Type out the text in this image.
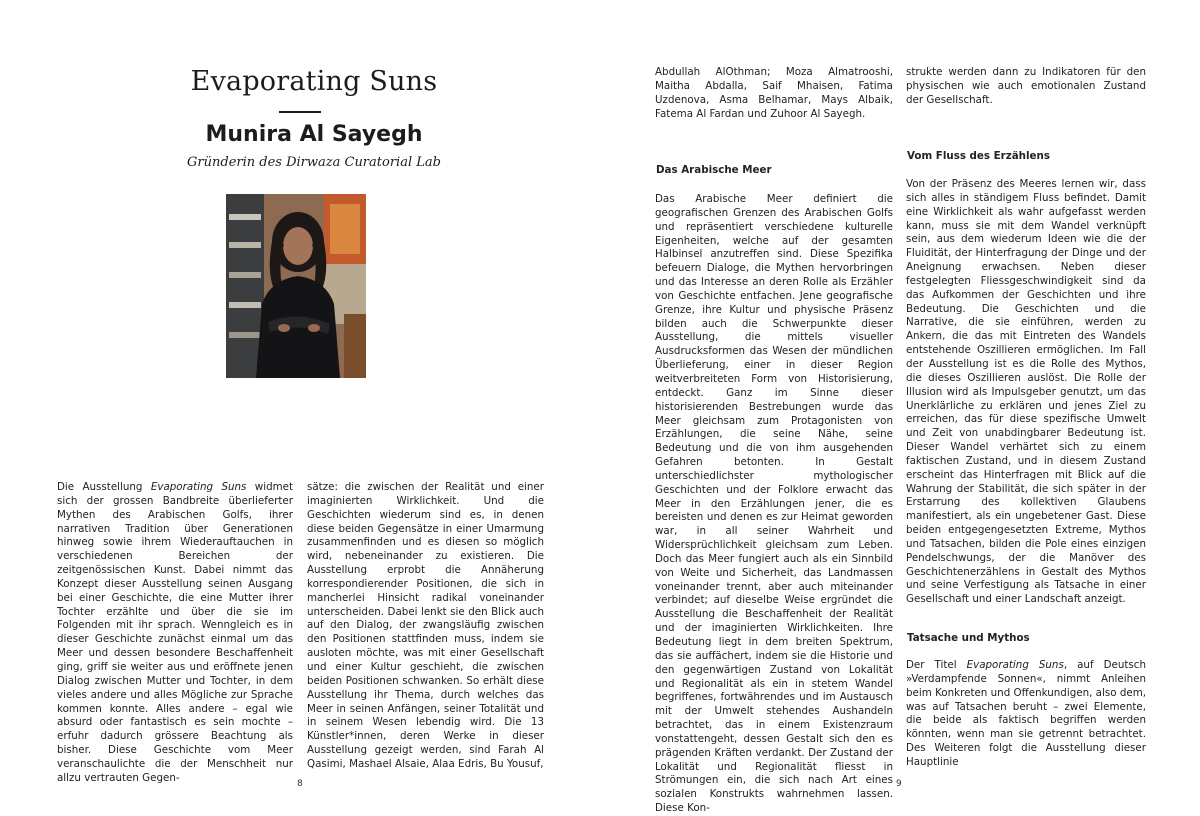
Evaporating Suns
Munira Al Sayegh

Gründerin des Dirwaza Curatorial Lab

Die Ausstellung Evaporating Suns widmet sich der grossen Bandbreite überlieferter Mythen des Arabischen Golfs, ihrer narrativen Tradition über Generationen hinweg sowie ihrem Wiederauftauchen in verschiedenen Bereichen der zeitgenössischen Kunst. Dabei nimmt das Konzept dieser Ausstellung seinen Ausgang bei einer Geschichte, die eine Mutter ihrer Tochter erzählte und über die sie im Folgenden mit ihr sprach. Wenngleich es in dieser Geschichte zunächst einmal um das Meer und dessen besondere Beschaffenheit ging, griff sie weiter aus und eröffnete jenen Dialog zwischen Mutter und Tochter, in dem vieles andere und alles Mögliche zur Sprache kommen konnte. Alles andere – egal wie absurd oder fantastisch es sein mochte – erfuhr dadurch grössere Beachtung als bisher. Diese Geschichte vom Meer veranschaulichte die der Menschheit nur allzu vertrauten Gegen-

sätze: die zwischen der Realität und einer imaginierten Wirklichkeit. Und die Geschichten wiederum sind es, in denen diese beiden Gegensätze in einer Umarmung zusammenfinden und es diesen so möglich wird, nebeneinander zu existieren. Die Ausstellung erprobt die Annäherung korrespondierender Positionen, die sich in mancherlei Hinsicht radikal voneinander unterscheiden. Dabei lenkt sie den Blick auch auf den Dialog, der zwangsläufig zwischen den Positionen stattfinden muss, indem sie ausloten möchte, was mit einer Gesellschaft und einer Kultur geschieht, die zwischen beiden Positionen schwanken. So erhält diese Ausstellung ihr Thema, durch welches das Meer in seinen Anfängen, seiner Totalität und in seinem Wesen lebendig wird. Die 13 Künstler*innen, deren Werke in dieser Ausstellung gezeigt werden, sind Farah Al Qasimi, Mashael Alsaie, Alaa Edris, Bu Yousuf,

8

Abdullah AlOthman; Moza Almatrooshi, Maitha Abdalla, Saif Mhaisen, Fatima Uzdenova, Asma Belhamar, Mays Albaik, Fatema Al Fardan und Zuhoor Al Sayegh.

Das Arabische Meer

Das Arabische Meer definiert die geografischen Grenzen des Arabischen Golfs und repräsentiert verschiedene kulturelle Eigenheiten, welche auf der gesamten Halbinsel anzutreffen sind. Diese Spezifika befeuern Dialoge, die Mythen hervorbringen und das Interesse an deren Rolle als Erzähler von Geschichte entfachen. Jene geografische Grenze, ihre Kultur und physische Präsenz bilden auch die Schwerpunkte dieser Ausstellung, die mittels visueller Ausdrucksformen das Wesen der mündlichen Überlieferung, einer in dieser Region weitverbreiteten Form von Historisierung, entdeckt. Ganz im Sinne dieser historisierenden Bestrebungen wurde das Meer gleichsam zum Protagonisten von Erzählungen, die seine Nähe, seine Bedeutung und die von ihm ausgehenden Gefahren betonten. In Gestalt unterschiedlichster mythologischer Geschichten und der Folklore erwacht das Meer in den Erzählungen jener, die es bereisten und denen es zur Heimat geworden war, in all seiner Wahrheit und Widersprüchlichkeit gleichsam zum Leben. Doch das Meer fungiert auch als ein Sinnbild von Weite und Sicherheit, das Landmassen voneinander trennt, aber auch miteinander verbindet; auf dieselbe Weise ergründet die Ausstellung die Beschaffenheit der Realität und der imaginierten Wirklichkeiten. Ihre Bedeutung liegt in dem breiten Spektrum, das sie auffächert, indem sie die Historie und den gegenwärtigen Zustand von Lokalität und Regionalität als ein in stetem Wandel begriffenes, fortwährendes und im Austausch mit der Umwelt stehendes Aushandeln betrachtet, das in einem Existenzraum vonstattengeht, dessen Gestalt sich den es prägenden Kräften verdankt. Der Zustand der Lokalität und Regionalität fliesst in Strömungen ein, die sich nach Art eines sozialen Konstrukts wahrnehmen lassen. Diese Kon-

strukte werden dann zu Indikatoren für den physischen wie auch emotionalen Zustand der Gesellschaft.

Vom Fluss des Erzählens

Von der Präsenz des Meeres lernen wir, dass sich alles in ständigem Fluss befindet. Damit eine Wirklichkeit als wahr aufgefasst werden kann, muss sie mit dem Wandel verknüpft sein, aus dem wiederum Ideen wie die der Fluidität, der Hinterfragung der Dinge und der Aneignung erwachsen. Neben dieser festgelegten Fliessgeschwindigkeit sind da das Aufkommen der Geschichten und ihre Bedeutung. Die Geschichten und die Narrative, die sie einführen, werden zu Ankern, die das mit Eintreten des Wandels entstehende Oszillieren ermöglichen. Im Fall der Ausstellung ist es die Rolle des Mythos, die dieses Oszillieren auslöst. Die Rolle der Illusion wird als Impulsgeber genutzt, um das Unerklärliche zu erklären und jenes Ziel zu erreichen, das für diese spezifische Umwelt und Zeit von unabdingbarer Bedeutung ist. Dieser Wandel verhärtet sich zu einem faktischen Zustand, und in diesem Zustand erscheint das Hinterfragen mit Blick auf die Wahrung der Stabilität, die sich später in der Erstarrung des kollektiven Glaubens manifestiert, als ein ungebetener Gast. Diese beiden entgegengesetzten Extreme, Mythos und Tatsachen, bilden die Pole eines einzigen Pendelschwungs, der die Manöver des Geschichtenerzählens in Gestalt des Mythos und seine Verfestigung als Tatsache in einer Gesellschaft und einer Landschaft anzeigt.

Tatsache und Mythos

Der Titel Evaporating Suns, auf Deutsch »Verdampfende Sonnen«, nimmt Anleihen beim Konkreten und Offenkundigen, also dem, was auf Tatsachen beruht – zwei Elemente, die beide als faktisch begriffen werden könnten, wenn man sie getrennt betrachtet. Des Weiteren folgt die Ausstellung dieser Hauptlinie

9
